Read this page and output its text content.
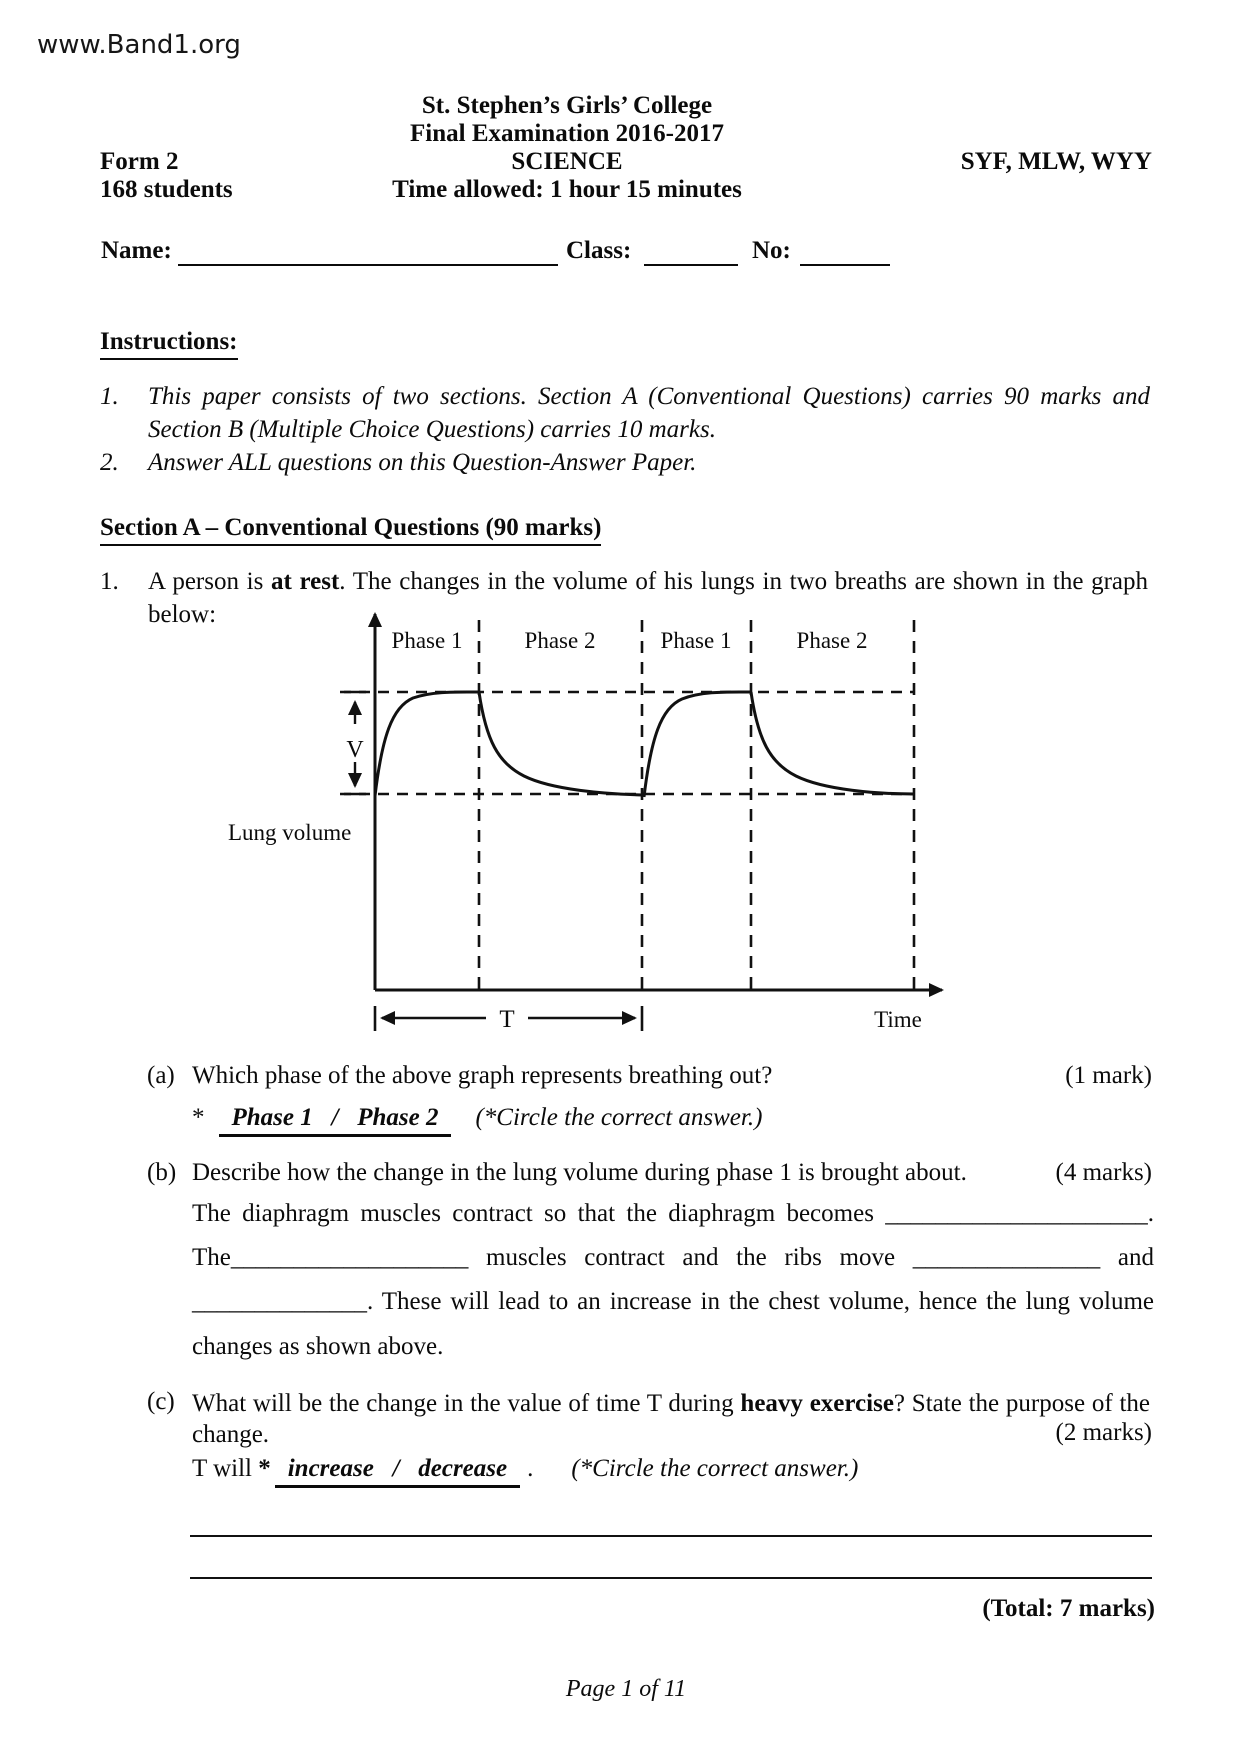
www.Band1.org
St. Stephen’s Girls’ College
Final Examination 2016-2017
SCIENCE
Time allowed: 1 hour 15 minutes
Form 2
168 students
SYF, MLW, WYY
Name:	Class:	No:
Instructions:
1. This paper consists of two sections. Section A (Conventional Questions) carries 90 marks and
Section B (Multiple Choice Questions) carries 10 marks.
2. Answer ALL questions on this Question-Answer Paper.
Section A – Conventional Questions (90 marks)
1. A person is at rest. The changes in the volume of his lungs in two breaths are shown in the graph
below:
Phase 1	Phase 2	Phase 1	Phase 2
V
Lung volume
Time
T
(a) Which phase of the above graph represents breathing out?	(1 mark)
* Phase 1   /   Phase 2 (*Circle the correct answer.)
(b) Describe how the change in the lung volume during phase 1 is brought about.	(4 marks)
The diaphragm muscles contract so that the diaphragm becomes _____________________.
The___________________ muscles contract and the ribs move _______________ and
______________. These will lead to an increase in the chest volume, hence the lung volume
changes as shown above.
(c) What will be the change in the value of time T during heavy exercise? State the purpose of the
change.	(2 marks)
T will * increase   /   decrease . (*Circle the correct answer.)
(Total: 7 marks)
Page 1 of 11
